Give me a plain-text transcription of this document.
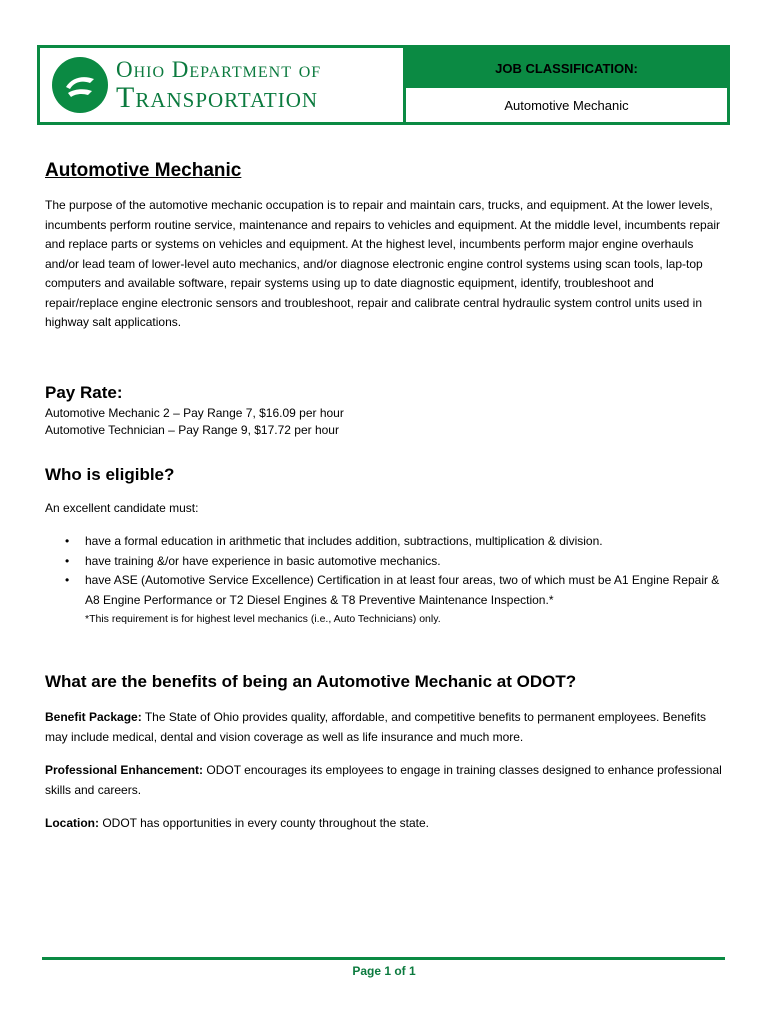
Ohio Department of
Transportation
JOB CLASSIFICATION:
Automotive Mechanic
Automotive Mechanic

The purpose of the automotive mechanic occupation is to repair and maintain cars, trucks, and equipment. At the lower levels, incumbents perform routine service, maintenance and repairs to vehicles and equipment. At the middle level, incumbents repair and replace parts or systems on vehicles and equipment. At the highest level, incumbents perform major engine overhauls and/or lead team of lower-level auto mechanics, and/or diagnose electronic engine control systems using scan tools, lap-top computers and available software, repair systems using up to date diagnostic equipment, identify, troubleshoot and repair/replace engine electronic sensors and troubleshoot, repair and calibrate central hydraulic system control units used in highway salt applications.

Pay Rate:
Automotive Mechanic 2 – Pay Range 7, $16.09 per hour
Automotive Technician – Pay Range 9, $17.72 per hour
Who is eligible?

An excellent candidate must:

• have a formal education in arithmetic that includes addition, subtractions, multiplication & division.
• have training &/or have experience in basic automotive mechanics.
• have ASE (Automotive Service Excellence) Certification in at least four areas, two of which must be A1 Engine Repair & A8 Engine Performance or T2 Diesel Engines & T8 Preventive Maintenance Inspection.*
*This requirement is for highest level mechanics (i.e., Auto Technicians) only.
What are the benefits of being an Automotive Mechanic at ODOT?

Benefit Package: The State of Ohio provides quality, affordable, and competitive benefits to permanent employees. Benefits may include medical, dental and vision coverage as well as life insurance and much more.

Professional Enhancement: ODOT encourages its employees to engage in training classes designed to enhance professional skills and careers.

Location: ODOT has opportunities in every county throughout the state.

Page 1 of 1
